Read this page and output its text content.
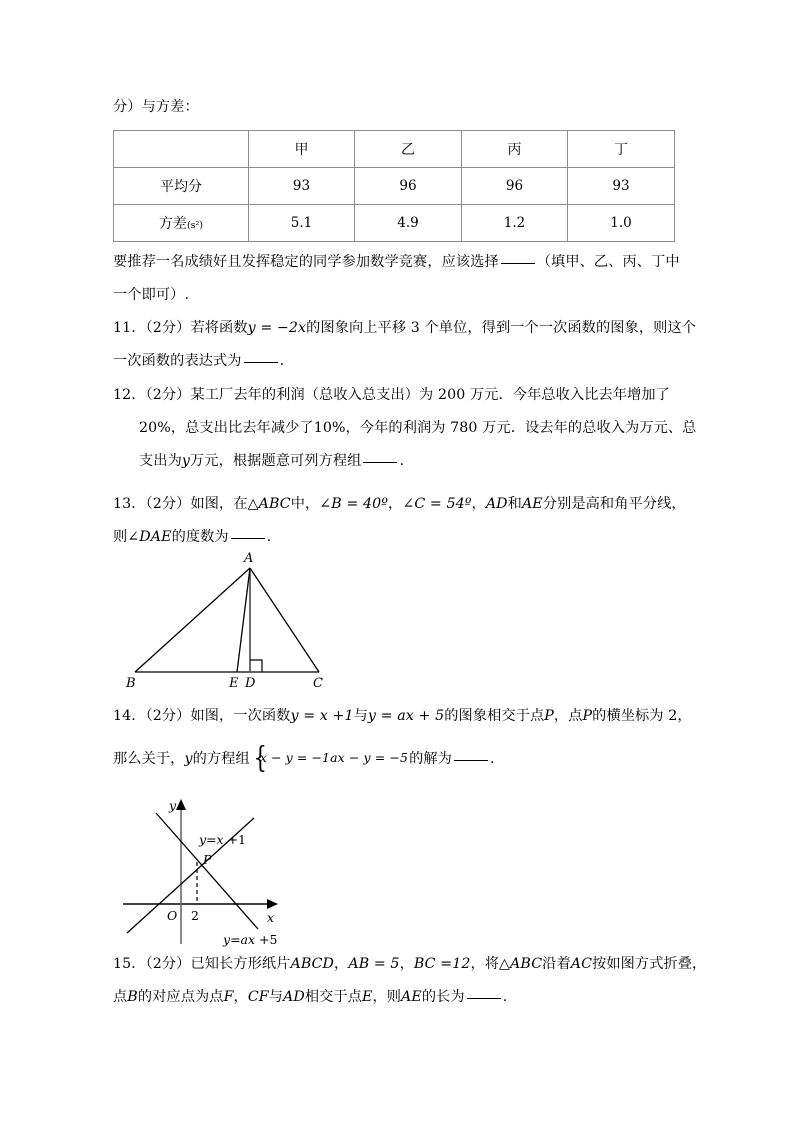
分）与方差：
	甲	乙	丙	丁
平均分	93	96	96	93
方差(s²)	5.1	4.9	1.2	1.0
要推荐一名成绩好且发挥稳定的同学参加数学竞赛，应该选择	（填甲、乙、丙、丁中
一个即可）.
11．（2分）若将函数y = −2x的图象向上平移 3 个单位，得到一个一次函数的图象，则这个
一次函数的表达式为	.
12．（2分）某工厂去年的利润（总收入总支出）为 200 万元．今年总收入比去年增加了
20%，总支出比去年减少了10%，今年的利润为 780 万元．设去年的总收入为万元、总
支出为y万元，根据题意可列方程组	.
13．（2分）如图，在△ABC中，∠B = 40º，∠C = 54º，AD和AE分别是高和角平分线，
则∠DAE的度数为	.
A
B	E D	C
14．（2分）如图，一次函数y = x +1与y = ax + 5的图象相交于点P，点P的横坐标为 2，
那么关于，y的方程组 {
x − y = −1ax − y = −5的解为	.
y
x
O 2
P
y=x +1
y=ax +5
15．（2分）已知长方形纸片ABCD，AB = 5，BC =12，将△ABC沿着AC按如图方式折叠，
点B的对应点为点F，CF与AD相交于点E，则AE的长为	.
